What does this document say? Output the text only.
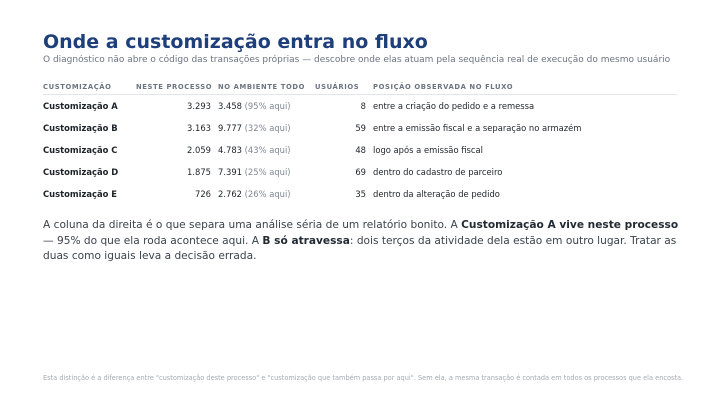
Onde a customização entra no fluxo
O diagnóstico não abre o código das transações próprias — descobre onde elas atuam pela sequência real de execução do mesmo usuário
CUSTOMIZAÇÃO	NESTE PROCESSO	NO AMBIENTE TODO	USUÁRIOS	POSIÇÃO OBSERVADA NO FLUXO
Customização A	3.293	3.458 (95% aqui)	8	entre a criação do pedido e a remessa
Customização B	3.163	9.777 (32% aqui)	59	entre a emissão fiscal e a separação no armazém
Customização C	2.059	4.783 (43% aqui)	48	logo após a emissão fiscal
Customização D	1.875	7.391 (25% aqui)	69	dentro do cadastro de parceiro
Customização E	726	2.762 (26% aqui)	35	dentro da alteração de pedido
A coluna da direita é o que separa uma análise séria de um relatório bonito. A Customização A vive neste processo — 95% do que ela roda acontece aqui. A B só atravessa: dois terços da atividade dela estão em outro lugar. Tratar as duas como iguais leva a decisão errada.
Esta distinção é a diferença entre "customização deste processo" e "customização que também passa por aqui". Sem ela, a mesma transação é contada em todos os processos que ela encosta.
